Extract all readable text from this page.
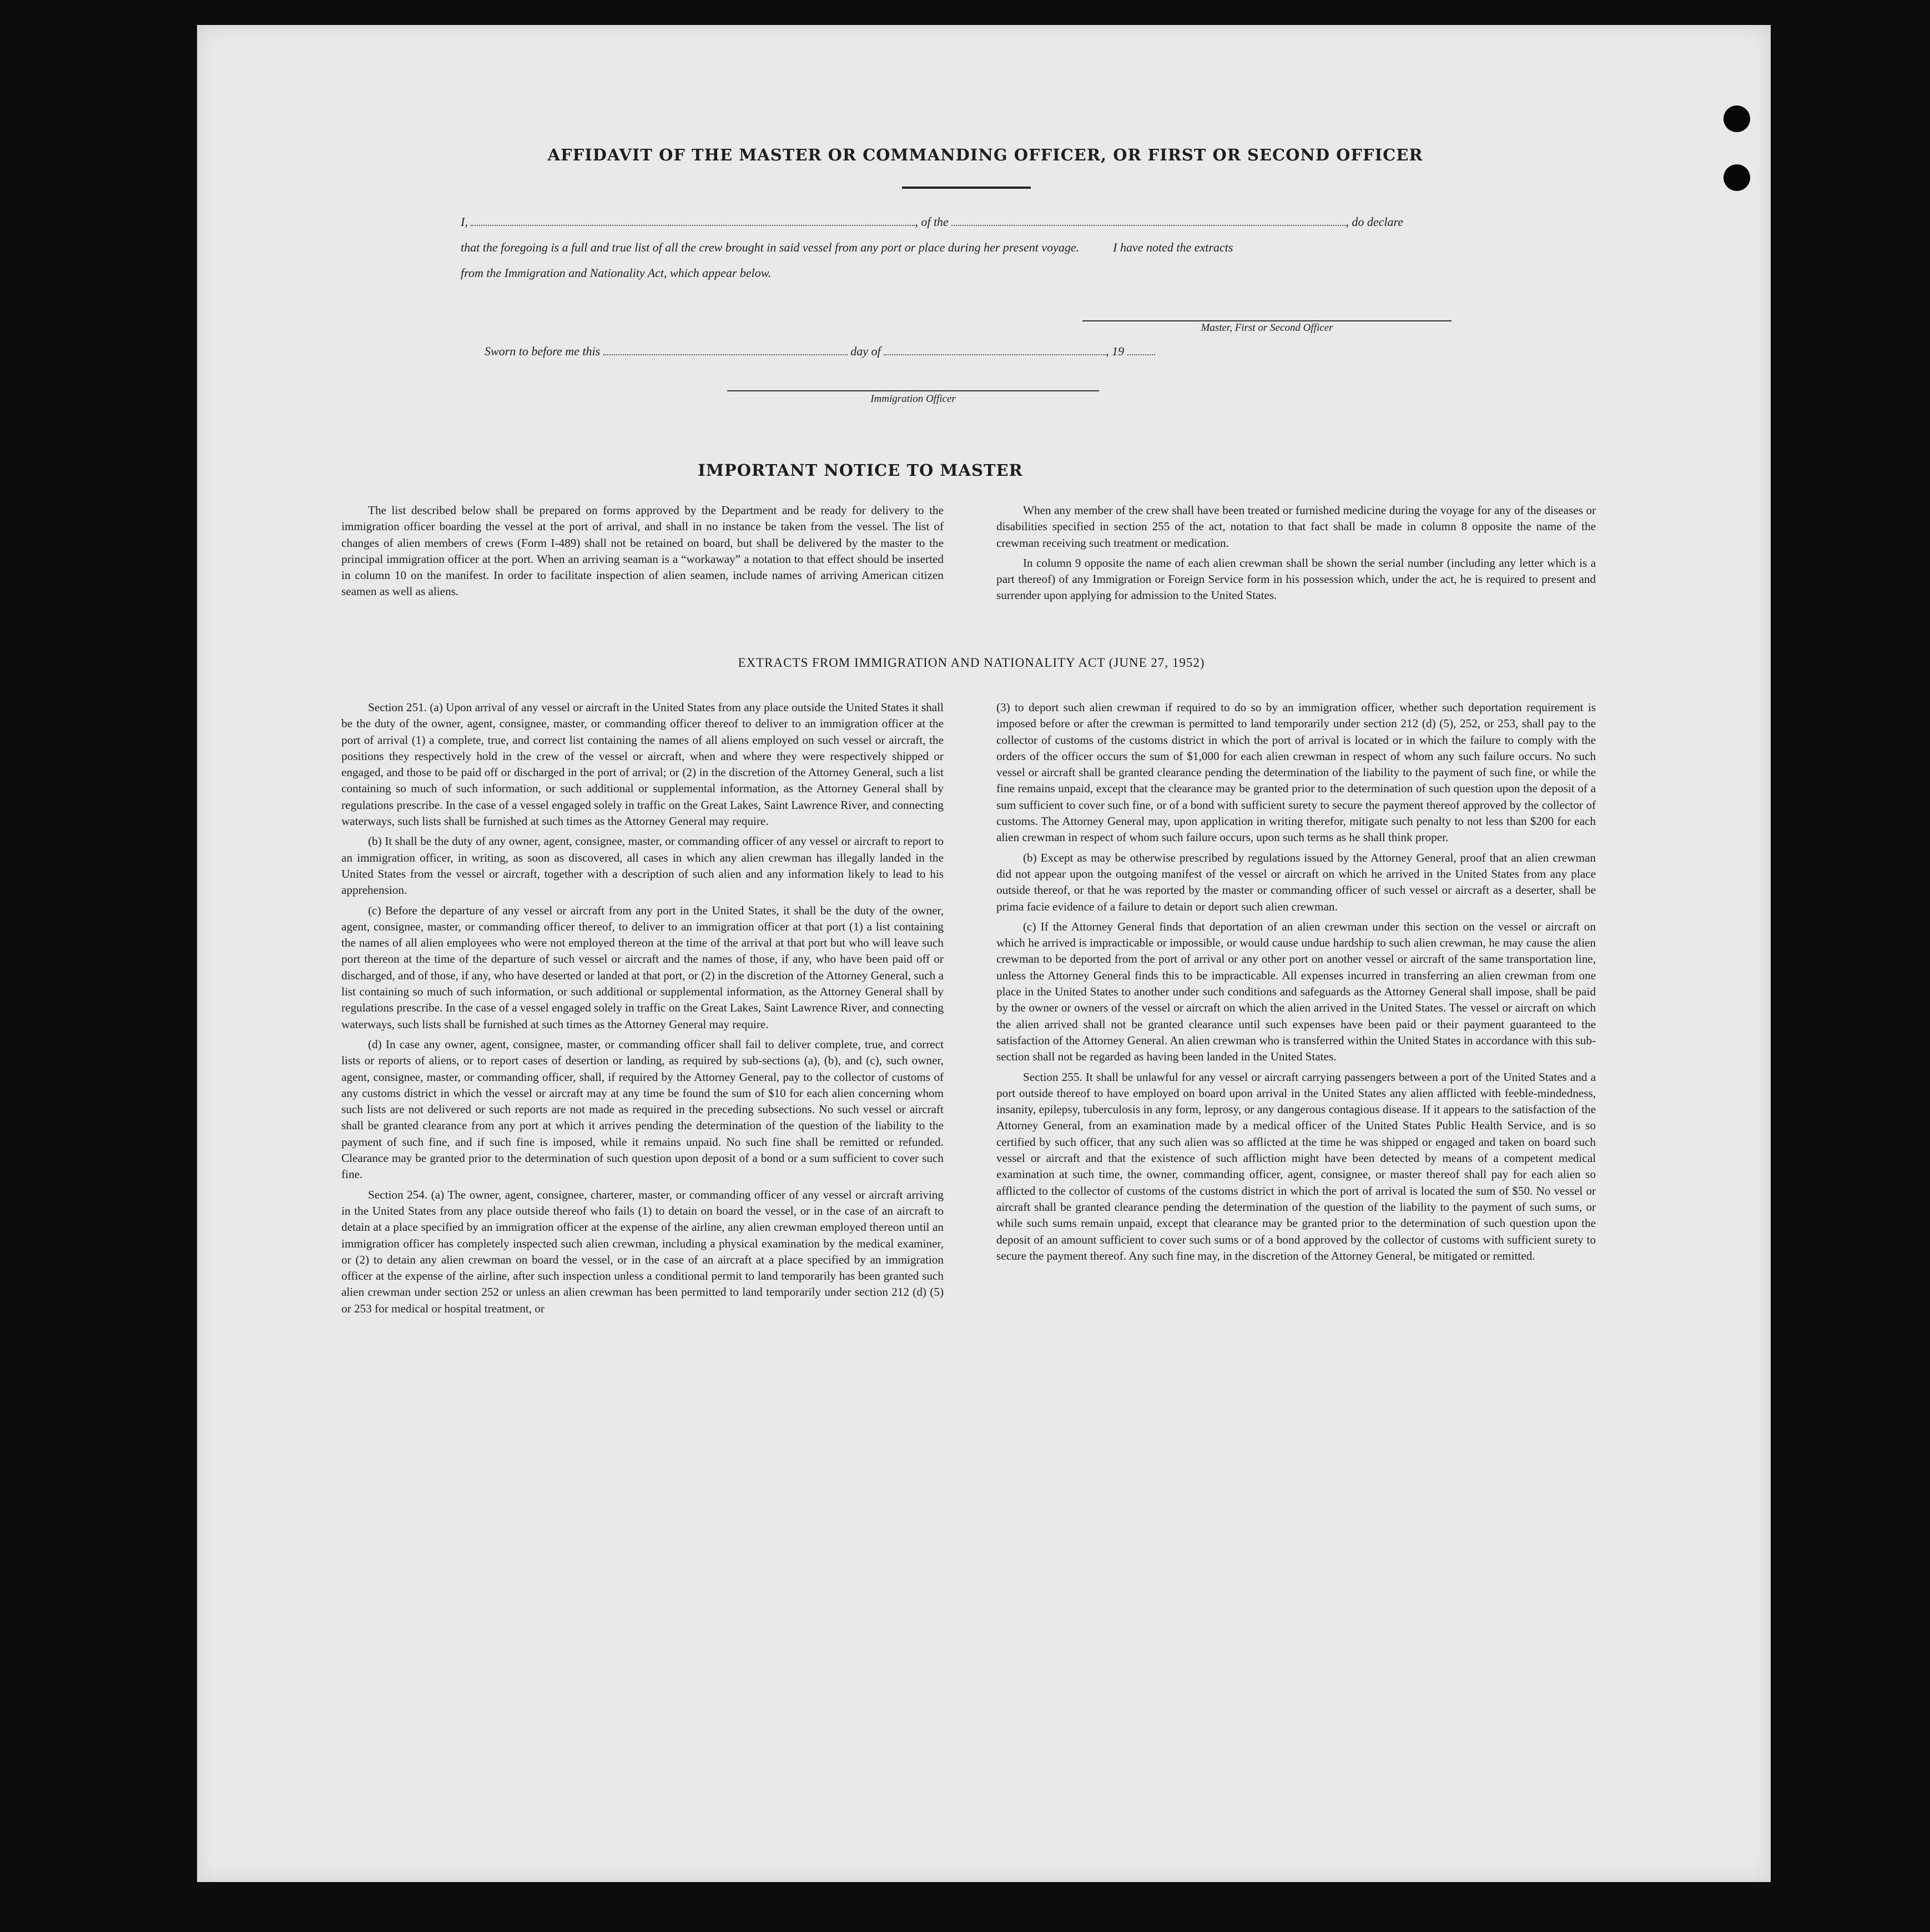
AFFIDAVIT OF THE MASTER OR COMMANDING OFFICER, OR FIRST OR SECOND OFFICER
I,	, of the	, do declare
that the foregoing is a full and true list of all the crew brought in said vessel from any port or place during her present voyage.	I have noted the extracts
from the Immigration and Nationality Act, which appear below.
Master, First or Second Officer
Sworn to before me this	day of	, 19
Immigration Officer
IMPORTANT NOTICE TO MASTER

The list described below shall be prepared on forms approved by the Department and be ready for delivery to the immigration officer boarding the vessel at the port of arrival, and shall in no instance be taken from the vessel. The list of changes of alien members of crews (Form I-489) shall not be retained on board, but shall be delivered by the master to the principal immigration officer at the port. When an arriving seaman is a “workaway” a notation to that effect should be inserted in column 10 on the manifest. In order to facilitate inspection of alien seamen, include names of arriving American citizen seamen as well as aliens.

When any member of the crew shall have been treated or furnished medicine during the voyage for any of the diseases or disabilities specified in section 255 of the act, notation to that fact shall be made in column 8 opposite the name of the crewman receiving such treatment or medication.

In column 9 opposite the name of each alien crewman shall be shown the serial number (including any letter which is a part thereof) of any Immigration or Foreign Service form in his possession which, under the act, he is required to present and surrender upon applying for admission to the United States.

EXTRACTS FROM IMMIGRATION AND NATIONALITY ACT (JUNE 27, 1952)

Section 251. (a) Upon arrival of any vessel or aircraft in the United States from any place outside the United States it shall be the duty of the owner, agent, consignee, master, or commanding officer thereof to deliver to an immigration officer at the port of arrival (1) a complete, true, and correct list containing the names of all aliens employed on such vessel or aircraft, the positions they respectively hold in the crew of the vessel or aircraft, when and where they were respectively shipped or engaged, and those to be paid off or discharged in the port of arrival; or (2) in the discretion of the Attorney General, such a list containing so much of such information, or such additional or supplemental information, as the Attorney General shall by regulations prescribe. In the case of a vessel engaged solely in traffic on the Great Lakes, Saint Lawrence River, and connecting waterways, such lists shall be furnished at such times as the Attorney General may require.

(b) It shall be the duty of any owner, agent, consignee, master, or commanding officer of any vessel or aircraft to report to an immigration officer, in writing, as soon as discovered, all cases in which any alien crewman has illegally landed in the United States from the vessel or aircraft, together with a description of such alien and any information likely to lead to his apprehension.

(c) Before the departure of any vessel or aircraft from any port in the United States, it shall be the duty of the owner, agent, consignee, master, or commanding officer thereof, to deliver to an immigration officer at that port (1) a list containing the names of all alien employees who were not employed thereon at the time of the arrival at that port but who will leave such port thereon at the time of the departure of such vessel or aircraft and the names of those, if any, who have been paid off or discharged, and of those, if any, who have deserted or landed at that port, or (2) in the discretion of the Attorney General, such a list containing so much of such information, or such additional or supplemental information, as the Attorney General shall by regulations prescribe. In the case of a vessel engaged solely in traffic on the Great Lakes, Saint Lawrence River, and connecting waterways, such lists shall be furnished at such times as the Attorney General may require.

(d) In case any owner, agent, consignee, master, or commanding officer shall fail to deliver complete, true, and correct lists or reports of aliens, or to report cases of desertion or landing, as required by sub-sections (a), (b), and (c), such owner, agent, consignee, master, or commanding officer, shall, if required by the Attorney General, pay to the collector of customs of any customs district in which the vessel or aircraft may at any time be found the sum of $10 for each alien concerning whom such lists are not delivered or such reports are not made as required in the preceding subsections. No such vessel or aircraft shall be granted clearance from any port at which it arrives pending the determination of the question of the liability to the payment of such fine, and if such fine is imposed, while it remains unpaid. No such fine shall be remitted or refunded. Clearance may be granted prior to the determination of such question upon deposit of a bond or a sum sufficient to cover such fine.

Section 254. (a) The owner, agent, consignee, charterer, master, or commanding officer of any vessel or aircraft arriving in the United States from any place outside thereof who fails (1) to detain on board the vessel, or in the case of an aircraft to detain at a place specified by an immigration officer at the expense of the airline, any alien crewman employed thereon until an immigration officer has completely inspected such alien crewman, including a physical examination by the medical examiner, or (2) to detain any alien crewman on board the vessel, or in the case of an aircraft at a place specified by an immigration officer at the expense of the airline, after such inspection unless a conditional permit to land temporarily has been granted such alien crewman under section 252 or unless an alien crewman has been permitted to land temporarily under section 212 (d) (5) or 253 for medical or hospital treatment, or

(3) to deport such alien crewman if required to do so by an immigration officer, whether such deportation requirement is imposed before or after the crewman is permitted to land temporarily under section 212 (d) (5), 252, or 253, shall pay to the collector of customs of the customs district in which the port of arrival is located or in which the failure to comply with the orders of the officer occurs the sum of $1,000 for each alien crewman in respect of whom any such failure occurs. No such vessel or aircraft shall be granted clearance pending the determination of the liability to the payment of such fine, or while the fine remains unpaid, except that the clearance may be granted prior to the determination of such question upon the deposit of a sum sufficient to cover such fine, or of a bond with sufficient surety to secure the payment thereof approved by the collector of customs. The Attorney General may, upon application in writing therefor, mitigate such penalty to not less than $200 for each alien crewman in respect of whom such failure occurs, upon such terms as he shall think proper.

(b) Except as may be otherwise prescribed by regulations issued by the Attorney General, proof that an alien crewman did not appear upon the outgoing manifest of the vessel or aircraft on which he arrived in the United States from any place outside thereof, or that he was reported by the master or commanding officer of such vessel or aircraft as a deserter, shall be prima facie evidence of a failure to detain or deport such alien crewman.

(c) If the Attorney General finds that deportation of an alien crewman under this section on the vessel or aircraft on which he arrived is impracticable or impossible, or would cause undue hardship to such alien crewman, he may cause the alien crewman to be deported from the port of arrival or any other port on another vessel or aircraft of the same transportation line, unless the Attorney General finds this to be impracticable. All expenses incurred in transferring an alien crewman from one place in the United States to another under such conditions and safeguards as the Attorney General shall impose, shall be paid by the owner or owners of the vessel or aircraft on which the alien arrived in the United States. The vessel or aircraft on which the alien arrived shall not be granted clearance until such expenses have been paid or their payment guaranteed to the satisfaction of the Attorney General. An alien crewman who is transferred within the United States in accordance with this sub-section shall not be regarded as having been landed in the United States.

Section 255. It shall be unlawful for any vessel or aircraft carrying passengers between a port of the United States and a port outside thereof to have employed on board upon arrival in the United States any alien afflicted with feeble-mindedness, insanity, epilepsy, tuberculosis in any form, leprosy, or any dangerous contagious disease. If it appears to the satisfaction of the Attorney General, from an examination made by a medical officer of the United States Public Health Service, and is so certified by such officer, that any such alien was so afflicted at the time he was shipped or engaged and taken on board such vessel or aircraft and that the existence of such affliction might have been detected by means of a competent medical examination at such time, the owner, commanding officer, agent, consignee, or master thereof shall pay for each alien so afflicted to the collector of customs of the customs district in which the port of arrival is located the sum of $50. No vessel or aircraft shall be granted clearance pending the determination of the question of the liability to the payment of such sums, or while such sums remain unpaid, except that clearance may be granted prior to the determination of such question upon the deposit of an amount sufficient to cover such sums or of a bond approved by the collector of customs with sufficient surety to secure the payment thereof. Any such fine may, in the discretion of the Attorney General, be mitigated or remitted.
